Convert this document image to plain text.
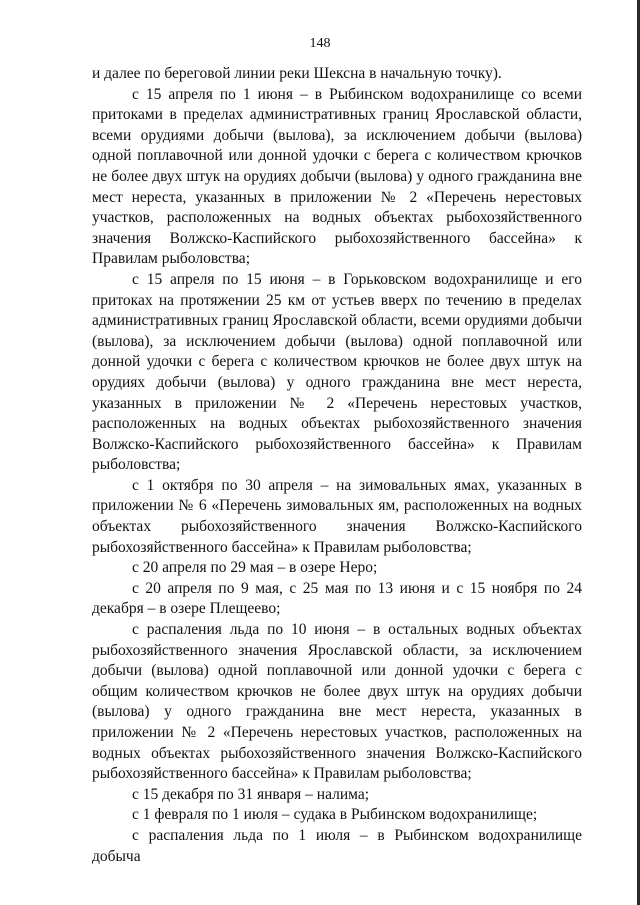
148

и далее по береговой линии реки Шексна в начальную точку).

с 15 апреля по 1 июня – в Рыбинском водохранилище со всеми притоками в пределах административных границ Ярославской области, всеми орудиями добычи (вылова), за исключением добычи (вылова) одной поплавочной или донной удочки с берега с количеством крючков не более двух штук на орудиях добычи (вылова) у одного гражданина вне мест нереста, указанных в приложении № 2 «Перечень нерестовых участков, расположенных на водных объектах рыбохозяйственного значения Волжско-Каспийского рыбохозяйственного бассейна» к Правилам рыболовства;

с 15 апреля по 15 июня – в Горьковском водохранилище и его притоках на протяжении 25 км от устьев вверх по течению в пределах административных границ Ярославской области, всеми орудиями добычи (вылова), за исключением добычи (вылова) одной поплавочной или донной удочки с берега с количеством крючков не более двух штук на орудиях добычи (вылова) у одного гражданина вне мест нереста, указанных в приложении № 2 «Перечень нерестовых участков, расположенных на водных объектах рыбохозяйственного значения Волжско-Каспийского рыбохозяйственного бассейна» к Правилам рыболовства;

с 1 октября по 30 апреля – на зимовальных ямах, указанных в приложении № 6 «Перечень зимовальных ям, расположенных на водных объектах рыбохозяйственного значения Волжско-Каспийского рыбохозяйственного бассейна» к Правилам рыболовства;

с 20 апреля по 29 мая – в озере Неро;

с 20 апреля по 9 мая, с 25 мая по 13 июня и с 15 ноября по 24 декабря – в озере Плещеево;

с распаления льда по 10 июня – в остальных водных объектах рыбохозяйственного значения Ярославской области, за исключением добычи (вылова) одной поплавочной или донной удочки с берега с общим количеством крючков не более двух штук на орудиях добычи (вылова) у одного гражданина вне мест нереста, указанных в приложении № 2 «Перечень нерестовых участков, расположенных на водных объектах рыбохозяйственного значения Волжско-Каспийского рыбохозяйственного бассейна» к Правилам рыболовства;

с 15 декабря по 31 января – налима;

с 1 февраля по 1 июля – судака в Рыбинском водохранилище;

с распаления льда по 1 июля – в Рыбинском водохранилище добыча
